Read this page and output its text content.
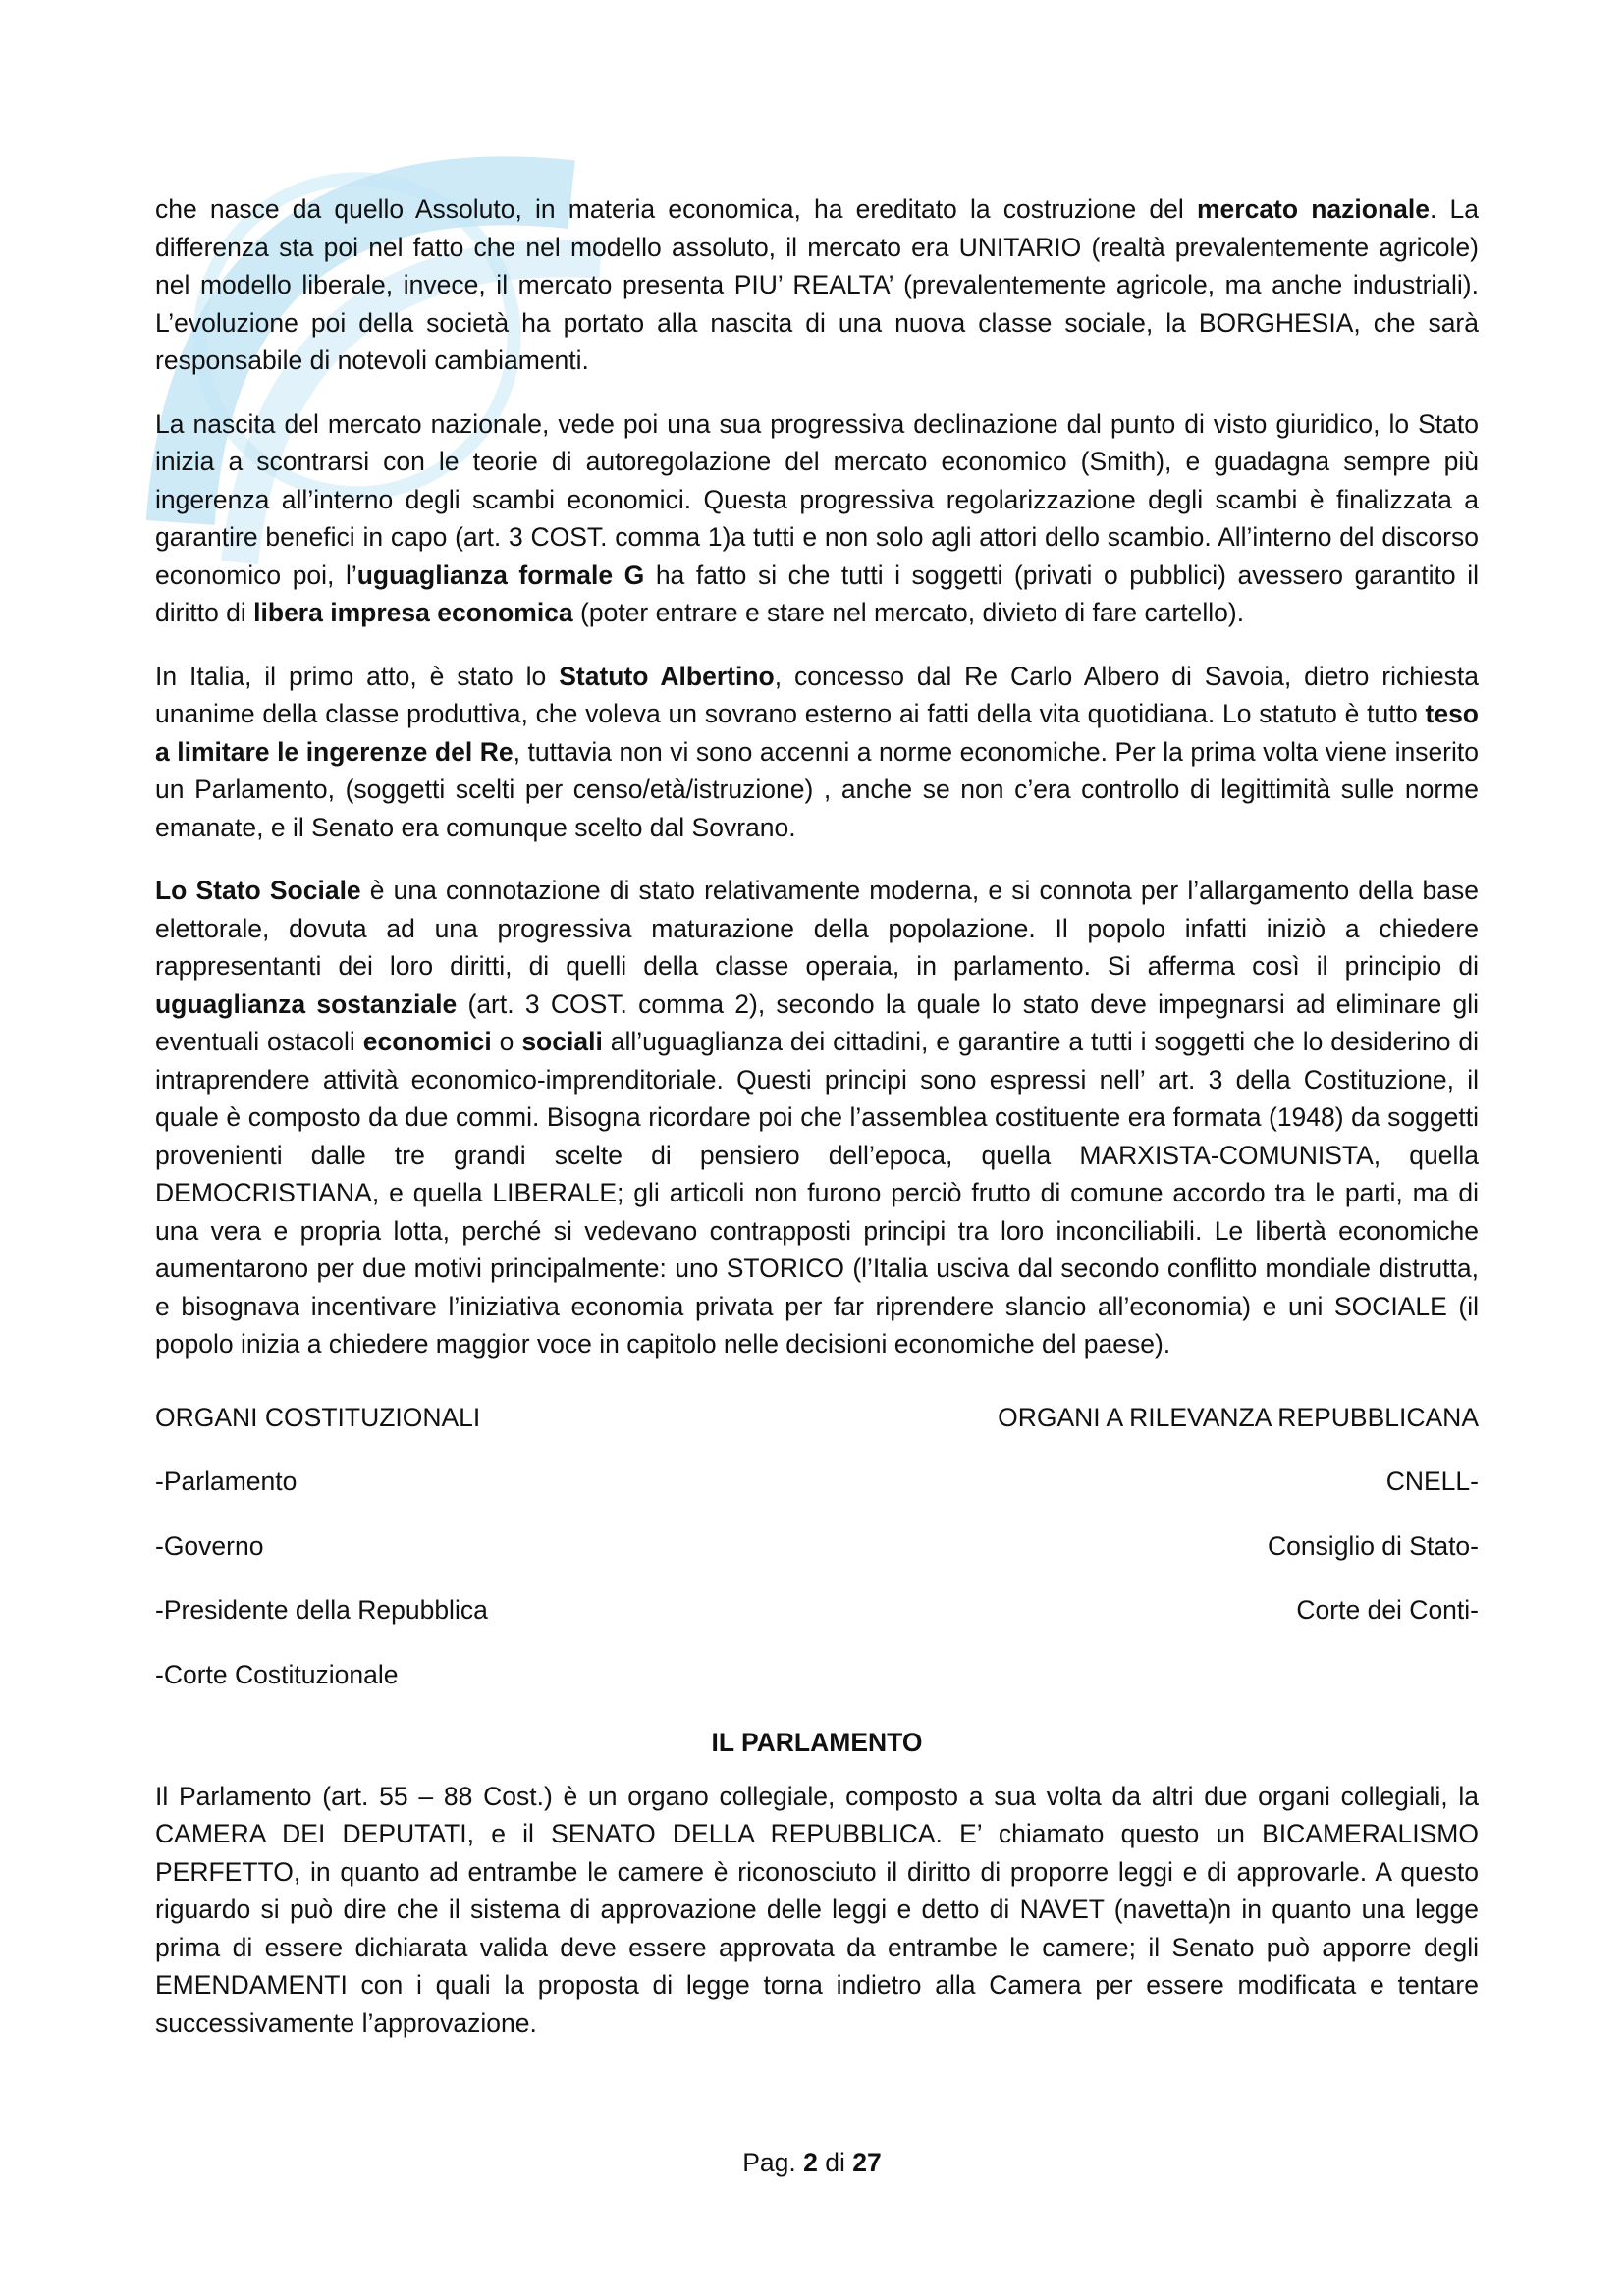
che nasce da quello Assoluto, in materia economica, ha ereditato la costruzione del mercato nazionale. La differenza sta poi nel fatto che nel modello assoluto, il mercato era UNITARIO (realtà prevalentemente agricole) nel modello liberale, invece, il mercato presenta PIU’ REALTA’ (prevalentemente agricole, ma anche industriali). L’evoluzione poi della società ha portato alla nascita di una nuova classe sociale, la BORGHESIA, che sarà responsabile di notevoli cambiamenti.

La nascita del mercato nazionale, vede poi una sua progressiva declinazione dal punto di visto giuridico, lo Stato inizia a scontrarsi con le teorie di autoregolazione del mercato economico (Smith), e guadagna sempre più ingerenza all’interno degli scambi economici. Questa progressiva regolarizzazione degli scambi è finalizzata a garantire benefici in capo (art. 3 COST. comma 1)a tutti e non solo agli attori dello scambio. All’interno del discorso economico poi, l’uguaglianza formale G ha fatto si che tutti i soggetti (privati o pubblici) avessero garantito il diritto di libera impresa economica (poter entrare e stare nel mercato, divieto di fare cartello).

In Italia, il primo atto, è stato lo Statuto Albertino, concesso dal Re Carlo Albero di Savoia, dietro richiesta unanime della classe produttiva, che voleva un sovrano esterno ai fatti della vita quotidiana. Lo statuto è tutto teso a limitare le ingerenze del Re, tuttavia non vi sono accenni a norme economiche. Per la prima volta viene inserito un Parlamento, (soggetti scelti per censo/età/istruzione) , anche se non c’era controllo di legittimità sulle norme emanate, e il Senato era comunque scelto dal Sovrano.

Lo Stato Sociale è una connotazione di stato relativamente moderna, e si connota per l’allargamento della base elettorale, dovuta ad una progressiva maturazione della popolazione. Il popolo infatti iniziò a chiedere rappresentanti dei loro diritti, di quelli della classe operaia, in parlamento. Si afferma così il principio di uguaglianza sostanziale (art. 3 COST. comma 2), secondo la quale lo stato deve impegnarsi ad eliminare gli eventuali ostacoli economici o sociali all’uguaglianza dei cittadini, e garantire a tutti i soggetti che lo desiderino di intraprendere attività economico-imprenditoriale. Questi principi sono espressi nell’ art. 3 della Costituzione, il quale è composto da due commi. Bisogna ricordare poi che l’assemblea costituente era formata (1948) da soggetti provenienti dalle tre grandi scelte di pensiero dell’epoca, quella MARXISTA-COMUNISTA, quella DEMOCRISTIANA, e quella LIBERALE; gli articoli non furono perciò frutto di comune accordo tra le parti, ma di una vera e propria lotta, perché si vedevano contrapposti principi tra loro inconciliabili. Le libertà economiche aumentarono per due motivi principalmente: uno STORICO (l’Italia usciva dal secondo conflitto mondiale distrutta, e bisognava incentivare l’iniziativa economia privata per far riprendere slancio all’economia) e uni SOCIALE (il popolo inizia a chiedere maggior voce in capitolo nelle decisioni economiche del paese).

ORGANI COSTITUZIONALI	ORGANI A RILEVANZA REPUBBLICANA
-Parlamento	CNELL-
-Governo	Consiglio di Stato-
-Presidente della Repubblica	Corte dei Conti-
-Corte Costituzionale
IL PARLAMENTO

Il Parlamento (art. 55 – 88 Cost.) è un organo collegiale, composto a sua volta da altri due organi collegiali, la CAMERA DEI DEPUTATI, e il SENATO DELLA REPUBBLICA. E’ chiamato questo un BICAMERALISMO PERFETTO, in quanto ad entrambe le camere è riconosciuto il diritto di proporre leggi e di approvarle. A questo riguardo si può dire che il sistema di approvazione delle leggi e detto di NAVET (navetta)n in quanto una legge prima di essere dichiarata valida deve essere approvata da entrambe le camere; il Senato può apporre degli EMENDAMENTI con i quali la proposta di legge torna indietro alla Camera per essere modificata e tentare successivamente l’approvazione.

Pag. 2 di 27
